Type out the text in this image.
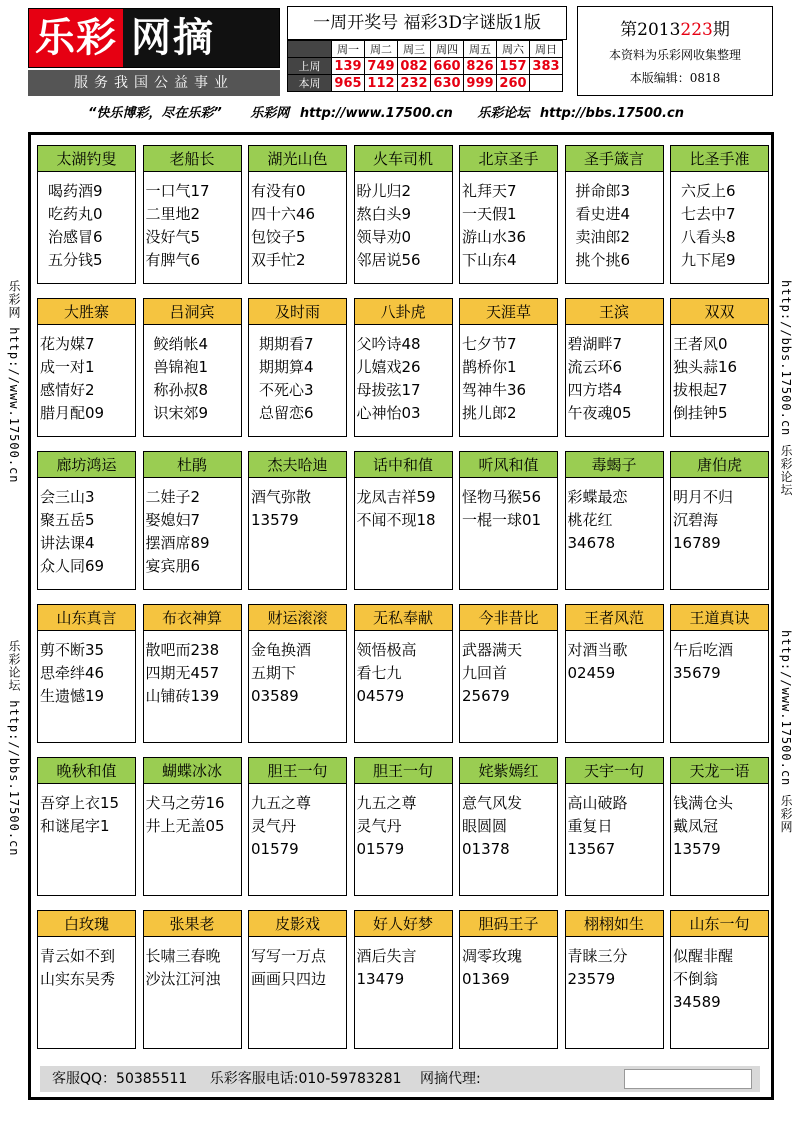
乐彩 网摘
服务我国公益事业
一周开奖号 福彩3D字谜版1版
	周一	周二	周三	周四	周五	周六	周日
上周	139	749	082	660	826	157	383
本周	965	112	232	630	999	260	
第2013223期
本资料为乐彩网收集整理
本版编辑：0818
“快乐博彩，尽在乐彩” 乐彩网 http://www.17500.cn 乐彩论坛 http://bbs.17500.cn
乐彩网 http://www.17500.cn
乐彩论坛 http://bbs.17500.cn
http://bbs.17500.cn 乐彩论坛
http://www.17500.cn 乐彩网
太湖钓叟
喝药酒9
吃药丸0
治感冒6
五分钱5
老船长
一口气17
二里地2
没好气5
有脾气6
湖光山色
有没有0
四十六46
包饺子5
双手忙2
火车司机
盼儿归2
熬白头9
领导劝0
邻居说56
北京圣手
礼拜天7
一天假1
游山水36
下山东4
圣手箴言
拼命郎3
看史进4
卖油郎2
挑个挑6
比圣手准
六反上6
七去中7
八看头8
九下尾9
大胜寨
花为媒7
成一对1
感情好2
腊月配09
吕洞宾
鲛绡帐4
兽锦袍1
称孙叔8
识宋郊9
及时雨
期期看7
期期算4
不死心3
总留恋6
八卦虎
父吟诗48
儿嬉戏26
母拔弦17
心神怡03
天涯草
七夕节7
鹊桥你1
驾神牛36
挑儿郎2
王滨
碧湖畔7
流云环6
四方塔4
午夜魂05
双双
王者风0
独头蒜16
拔根起7
倒挂钟5
廊坊鸿运
会三山3
聚五岳5
讲法课4
众人同69
杜鹃
二娃子2
娶媳妇7
摆酒席89
宴宾朋6
杰夫哈迪
酒气弥散
13579
话中和值
龙凤吉祥59
不闻不现18
听风和值
怪物马猴56
一棍一球01
毒蝎子
彩蝶最恋
桃花红
34678
唐伯虎
明月不归
沉碧海
16789
山东真言
剪不断35
思牵绊46
生遗憾19
布衣神算
散吧而238
四期无457
山铺砖139
财运滚滚
金龟换酒
五期下
03589
无私奉献
领悟极高
看七九
04579
今非昔比
武器满天
九回首
25679
王者风范
对酒当歌
02459
王道真诀
午后吃酒
35679
晚秋和值
吾穿上衣15
和谜尾字1
蝴蝶冰冰
犬马之劳16
井上无盖05
胆王一句
九五之尊
灵气丹
01579
胆王一句
九五之尊
灵气丹
01579
姹紫嫣红
意气风发
眼圆圆
01378
天宇一句
高山破路
重复日
13567
天龙一语
钱满仓头
戴凤冠
13579
白玫瑰
青云如不到
山实东吴秀
张果老
长啸三春晚
沙汰江河浊
皮影戏
写写一万点
画画只四边
好人好梦
酒后失言
13479
胆码王子
凋零玫瑰
01369
栩栩如生
青睐三分
23579
山东一句
似醒非醒
不倒翁
34589
客服QQ：50385511 乐彩客服电话:010-59783281 网摘代理:
